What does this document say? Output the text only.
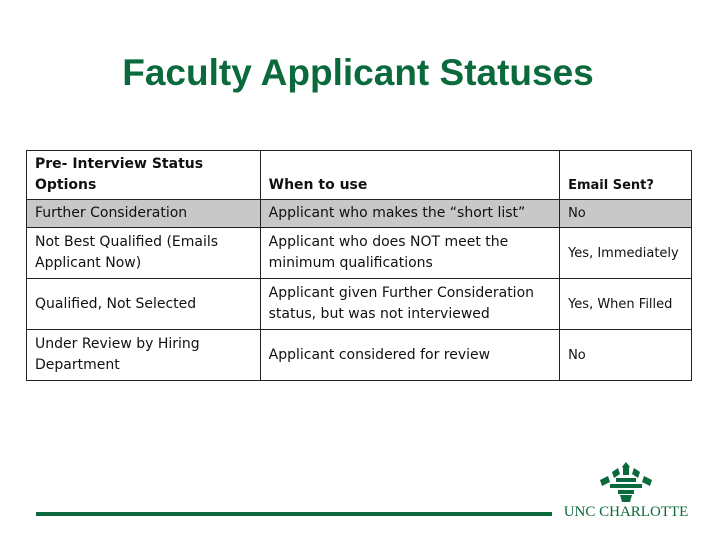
Faculty Applicant Statuses
Pre- Interview Status Options	When to use	Email Sent?
Further Consideration	Applicant who makes the “short list”	No
Not Best Qualified (Emails Applicant Now)	Applicant who does NOT meet the minimum qualifications	Yes, Immediately
Qualified, Not Selected	Applicant given Further Consideration status, but was not interviewed	Yes, When Filled
Under Review by Hiring Department	Applicant considered for review	No
UNC CHARLOTTE
